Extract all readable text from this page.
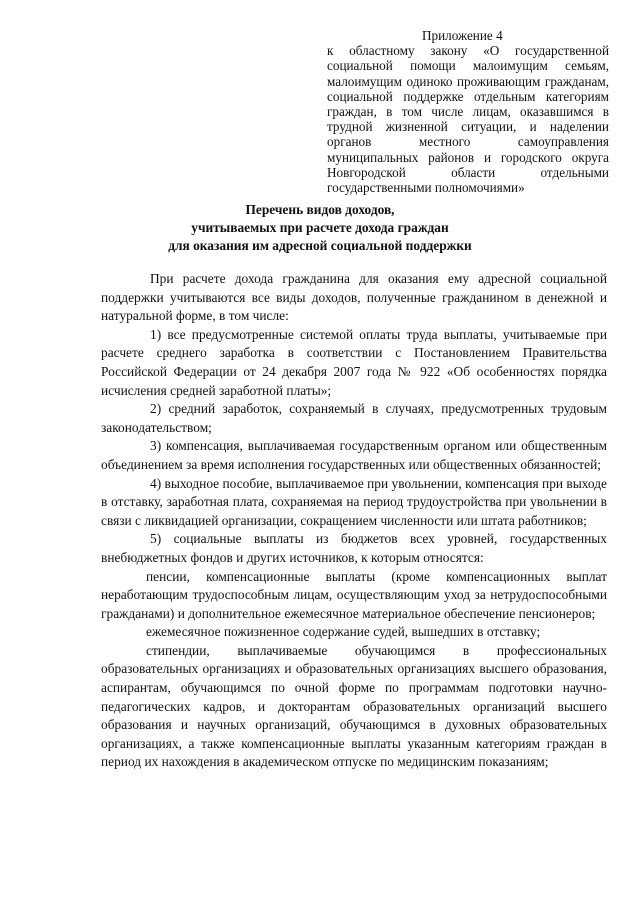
Приложение 4
к областному закону «О государственной социальной помощи малоимущим семьям, малоимущим одиноко проживающим гражданам, социальной поддержке отдельным категориям граждан, в том числе лицам, оказавшимся в трудной жизненной ситуации, и наделении органов местного самоуправления муниципальных районов и городского округа Новгородской области отдельными государственными полномочиями»
Перечень видов доходов,
учитываемых при расчете дохода граждан
для оказания им адресной социальной поддержки

При расчете дохода гражданина для оказания ему адресной социальной поддержки учитываются все виды доходов, полученные гражданином в денежной и натуральной форме, в том числе:

1) все предусмотренные системой оплаты труда выплаты, учитываемые при расчете среднего заработка в соответствии с Постановлением Правительства Российской Федерации от 24 декабря 2007 года № 922 «Об особенностях порядка исчисления средней заработной платы»;

2) средний заработок, сохраняемый в случаях, предусмотренных трудовым законодательством;

3) компенсация, выплачиваемая государственным органом или общественным объединением за время исполнения государственных или общественных обязанностей;

4) выходное пособие, выплачиваемое при увольнении, компенсация при выходе в отставку, заработная плата, сохраняемая на период трудоустройства при увольнении в связи с ликвидацией организации, сокращением численности или штата работников;

5) социальные выплаты из бюджетов всех уровней, государственных внебюджетных фондов и других источников, к которым относятся:

пенсии, компенсационные выплаты (кроме компенсационных выплат неработающим трудоспособным лицам, осуществляющим уход за нетрудоспособными гражданами) и дополнительное ежемесячное материальное обеспечение пенсионеров;

ежемесячное пожизненное содержание судей, вышедших в отставку;

стипендии, выплачиваемые обучающимся в профессиональных образовательных организациях и образовательных организациях высшего образования, аспирантам, обучающимся по очной форме по программам подготовки научно-педагогических кадров, и докторантам образовательных организаций высшего образования и научных организаций, обучающимся в духовных образовательных организациях, а также компенсационные выплаты указанным категориям граждан в период их нахождения в академическом отпуске по медицинским показаниям;
